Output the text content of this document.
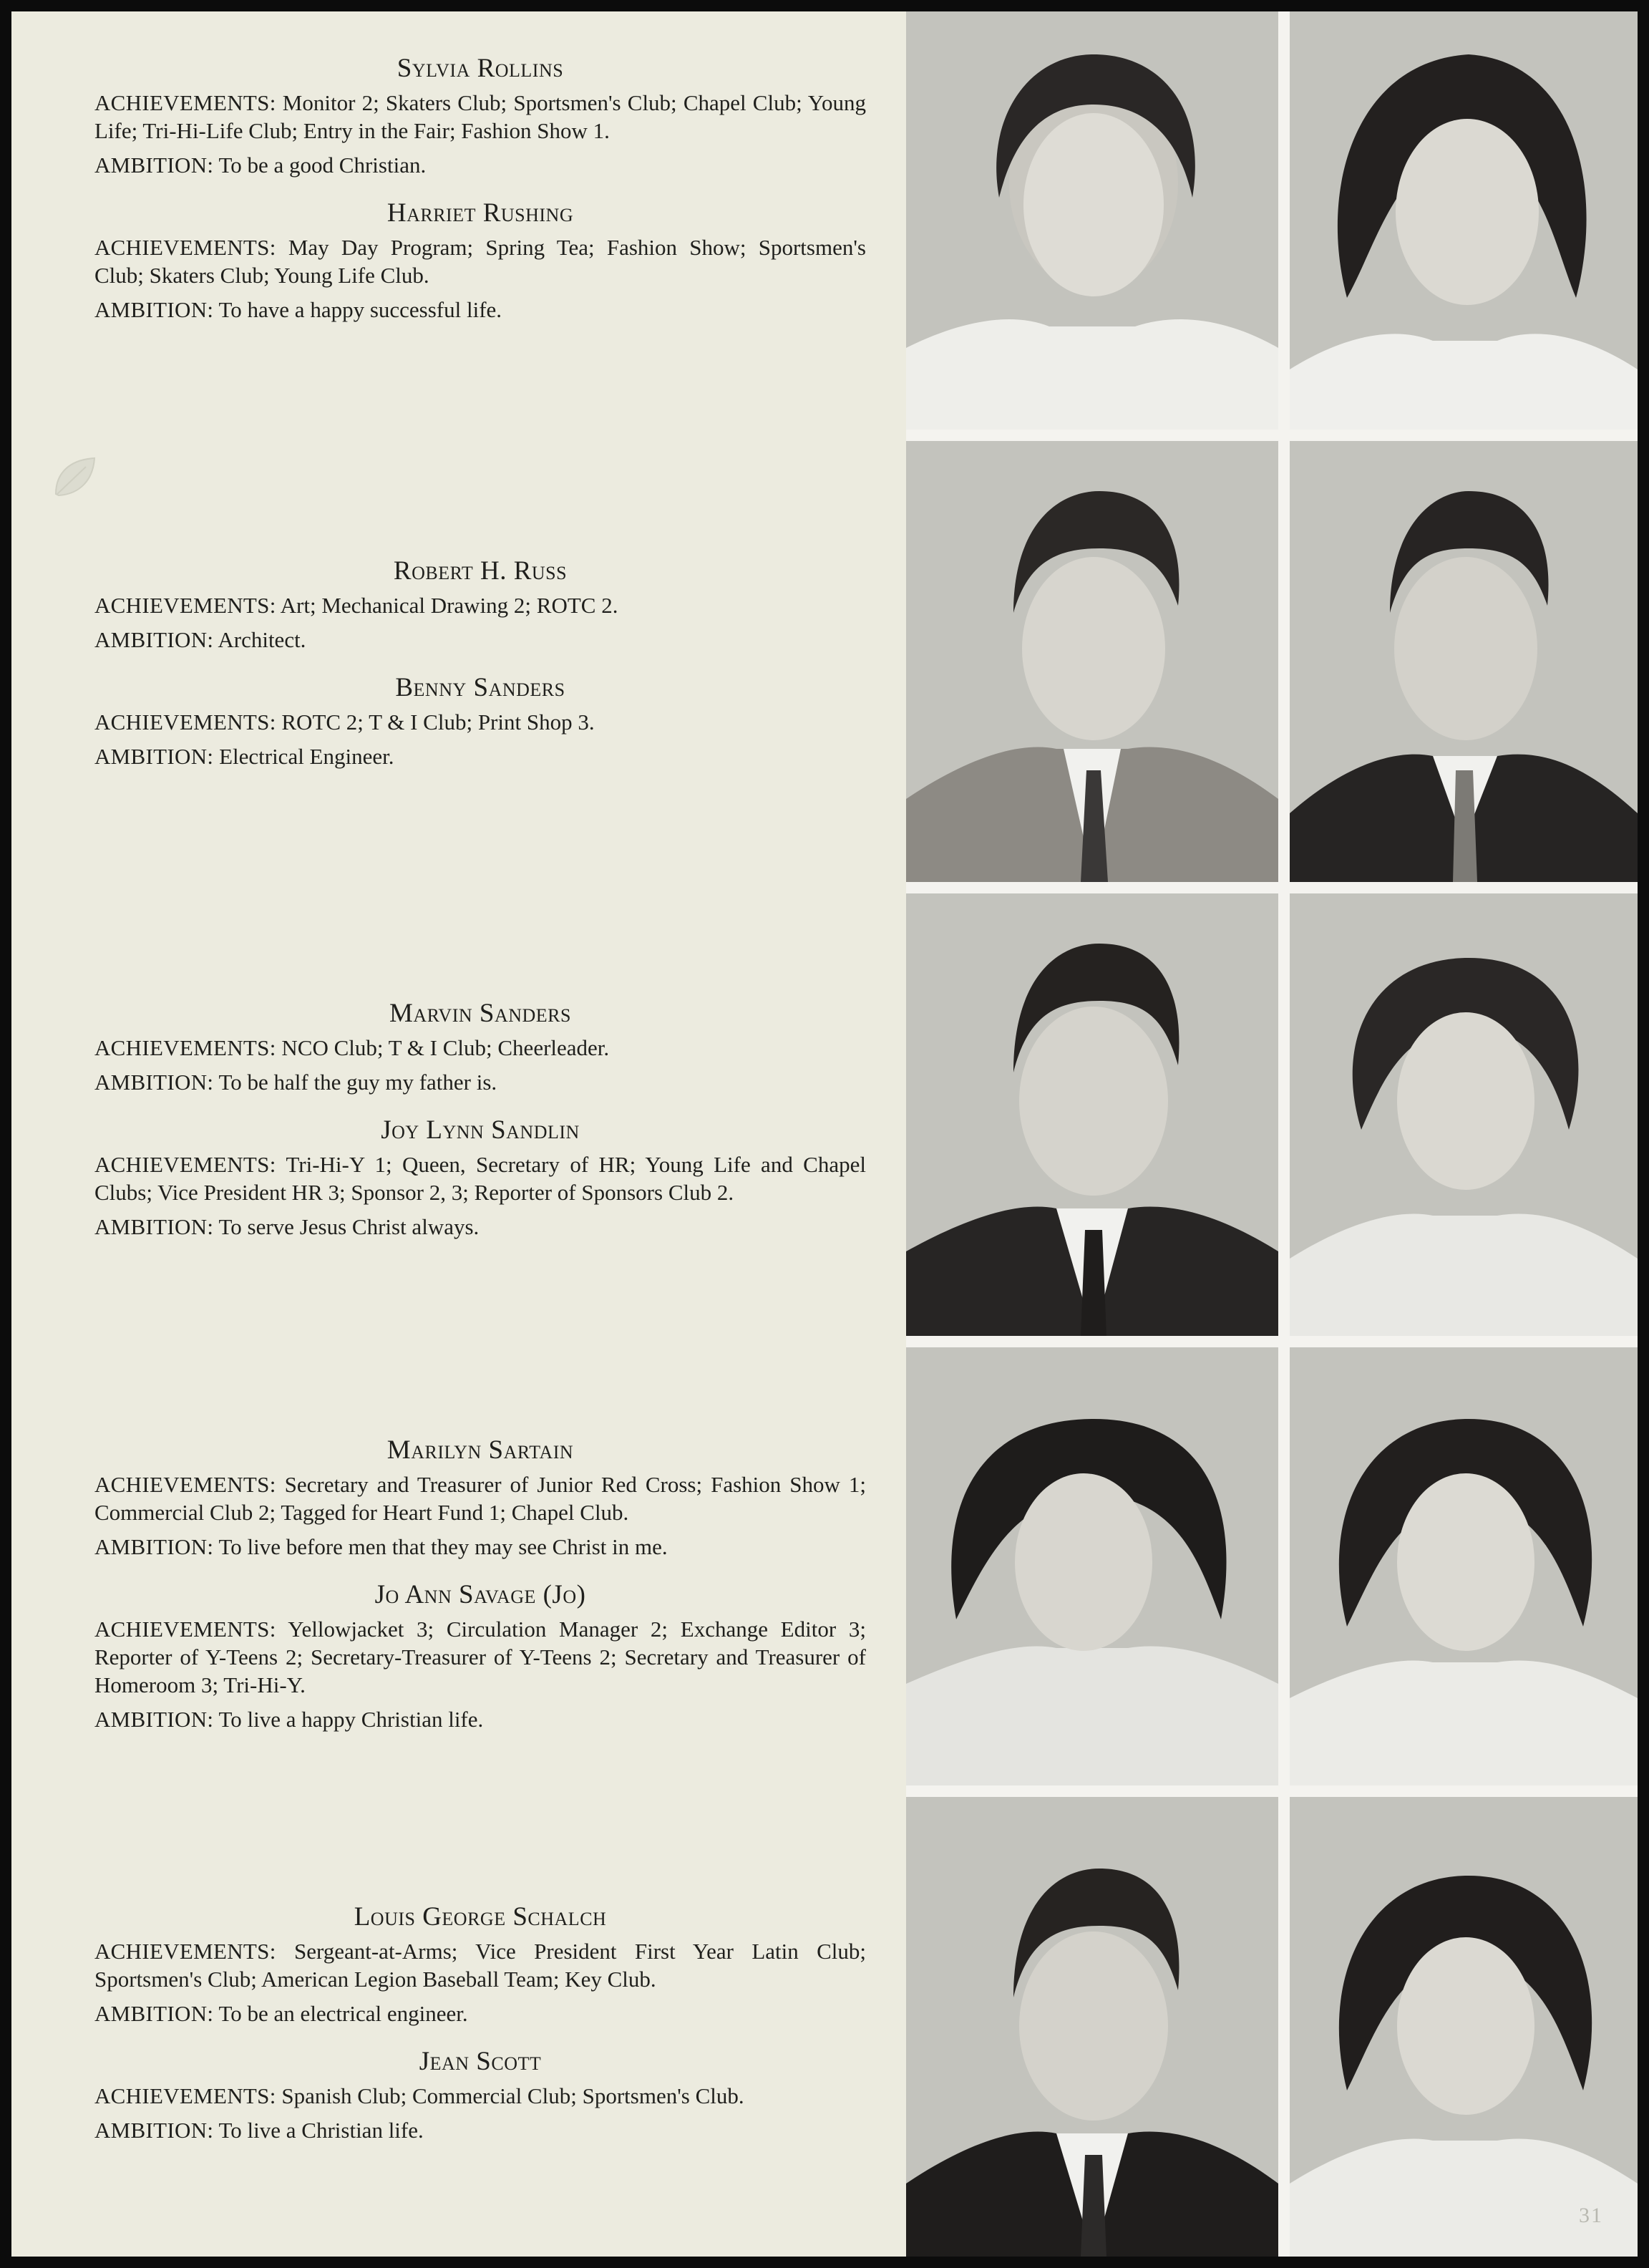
Sylvia Rollins

ACHIEVEMENTS: Monitor 2; Skaters Club; Sportsmen's Club; Chapel Club; Young Life; Tri-Hi-Life Club; Entry in the Fair; Fashion Show 1.

AMBITION: To be a good Christian.

Harriet Rushing

ACHIEVEMENTS: May Day Program; Spring Tea; Fashion Show; Sportsmen's Club; Skaters Club; Young Life Club.

AMBITION: To have a happy successful life.

Robert H. Russ

ACHIEVEMENTS: Art; Mechanical Drawing 2; ROTC 2.

AMBITION: Architect.

Benny Sanders

ACHIEVEMENTS: ROTC 2; T & I Club; Print Shop 3.

AMBITION: Electrical Engineer.

Marvin Sanders

ACHIEVEMENTS: NCO Club; T & I Club; Cheerleader.

AMBITION: To be half the guy my father is.

Joy Lynn Sandlin

ACHIEVEMENTS: Tri-Hi-Y 1; Queen, Secretary of HR; Young Life and Chapel Clubs; Vice President HR 3; Sponsor 2, 3; Reporter of Sponsors Club 2.

AMBITION: To serve Jesus Christ always.

Marilyn Sartain

ACHIEVEMENTS: Secretary and Treasurer of Junior Red Cross; Fashion Show 1; Commercial Club 2; Tagged for Heart Fund 1; Chapel Club.

AMBITION: To live before men that they may see Christ in me.

Jo Ann Savage (Jo)

ACHIEVEMENTS: Yellowjacket 3; Circulation Manager 2; Exchange Editor 3; Reporter of Y-Teens 2; Secretary-Treasurer of Y-Teens 2; Secretary and Treasurer of Homeroom 3; Tri-Hi-Y.

AMBITION: To live a happy Christian life.

Louis George Schalch

ACHIEVEMENTS: Sergeant-at-Arms; Vice President First Year Latin Club; Sportsmen's Club; American Legion Baseball Team; Key Club.

AMBITION: To be an electrical engineer.

Jean Scott

ACHIEVEMENTS: Spanish Club; Commercial Club; Sportsmen's Club.

AMBITION: To live a Christian life.

31
